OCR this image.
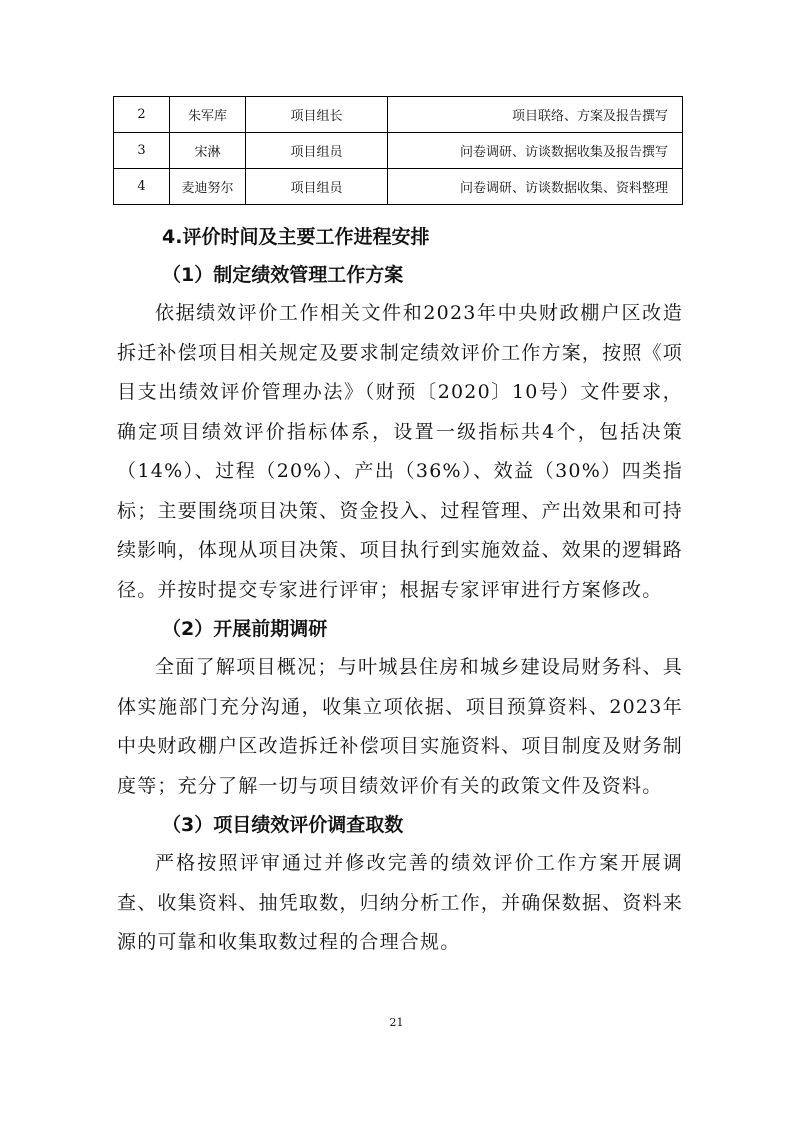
2	朱军库	项目组长	项目联络、方案及报告撰写
3	宋淋	项目组员	问卷调研、访谈数据收集及报告撰写
4	麦迪努尔	项目组员	问卷调研、访谈数据收集、资料整理
4.评价时间及主要工作进程安排
（1）制定绩效管理工作方案

依据绩效评价工作相关文件和2023年中央财政棚户区改造拆迁补偿项目相关规定及要求制定绩效评价工作方案，按照《项目支出绩效评价管理办法》（财预〔2020〕10号）文件要求，确定项目绩效评价指标体系，设置一级指标共4个，包括决策（14%）、过程（20%）、产出（36%）、效益（30%）四类指标；主要围绕项目决策、资金投入、过程管理、产出效果和可持续影响，体现从项目决策、项目执行到实施效益、效果的逻辑路径。并按时提交专家进行评审；根据专家评审进行方案修改。

（2）开展前期调研

全面了解项目概况；与叶城县住房和城乡建设局财务科、具体实施部门充分沟通，收集立项依据、项目预算资料、2023年中央财政棚户区改造拆迁补偿项目实施资料、项目制度及财务制度等；充分了解一切与项目绩效评价有关的政策文件及资料。

（3）项目绩效评价调查取数

严格按照评审通过并修改完善的绩效评价工作方案开展调查、收集资料、抽凭取数，归纳分析工作，并确保数据、资料来源的可靠和收集取数过程的合理合规。

21
